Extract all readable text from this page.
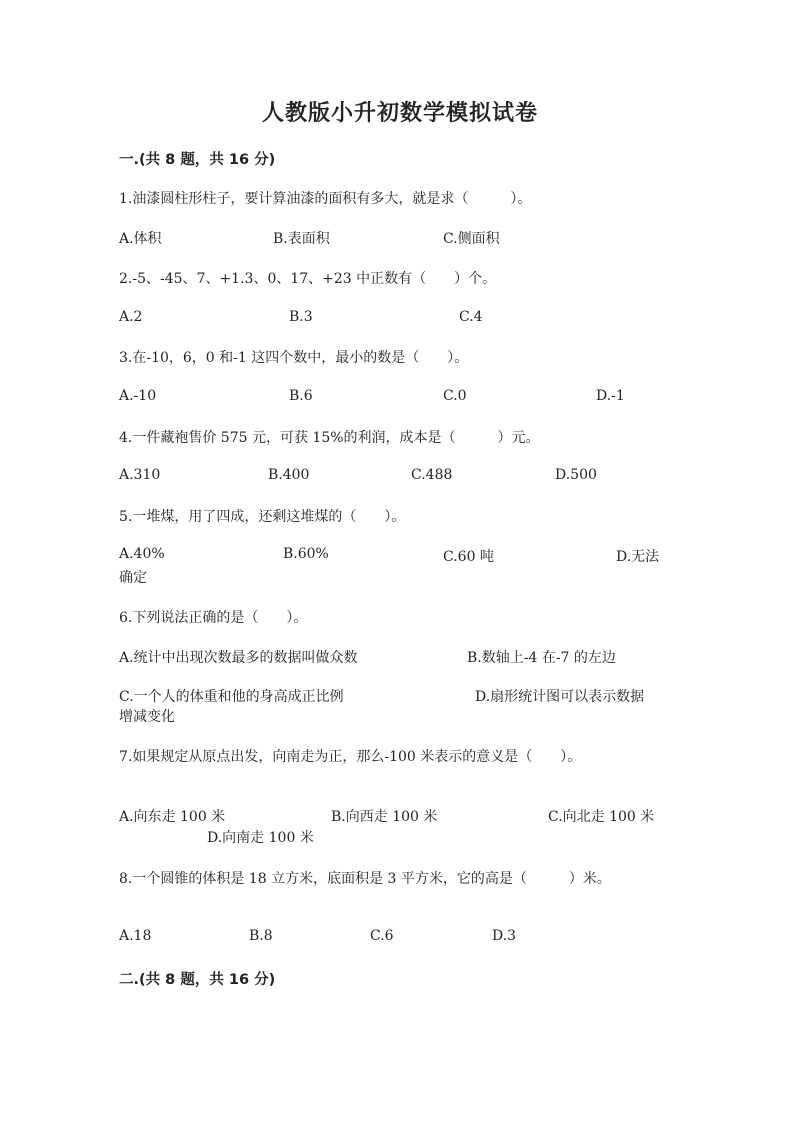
人教版小升初数学模拟试卷
一.(共 8 题，共 16 分)
1.油漆圆柱形柱子，要计算油漆的面积有多大，就是求（　　　）。
A.体积	B.表面积	C.侧面积
2.-5、-45、7、+1.3、0、17、+23 中正数有（　　）个。
A.2	B.3	C.4
3.在-10，6，0 和-1 这四个数中，最小的数是（　　）。
A.-10	B.6	C.0	D.-1
4.一件藏袍售价 575 元，可获 15%的利润，成本是（　　　）元。
A.310	B.400	C.488	D.500
5.一堆煤，用了四成，还剩这堆煤的（　　）。
A.40%	B.60%	C.60 吨	D.无法
确定
6.下列说法正确的是（　　）。
A.统计中出现次数最多的数据叫做众数	B.数轴上-4 在-7 的左边
C.一个人的体重和他的身高成正比例	D.扇形统计图可以表示数据
增减变化
7.如果规定从原点出发，向南走为正，那么-100 米表示的意义是（　　）。
A.向东走 100 米	B.向西走 100 米	C.向北走 100 米
D.向南走 100 米
8.一个圆锥的体积是 18 立方米，底面积是 3 平方米，它的高是（　　　）米。
A.18	B.8	C.6	D.3
二.(共 8 题，共 16 分)
